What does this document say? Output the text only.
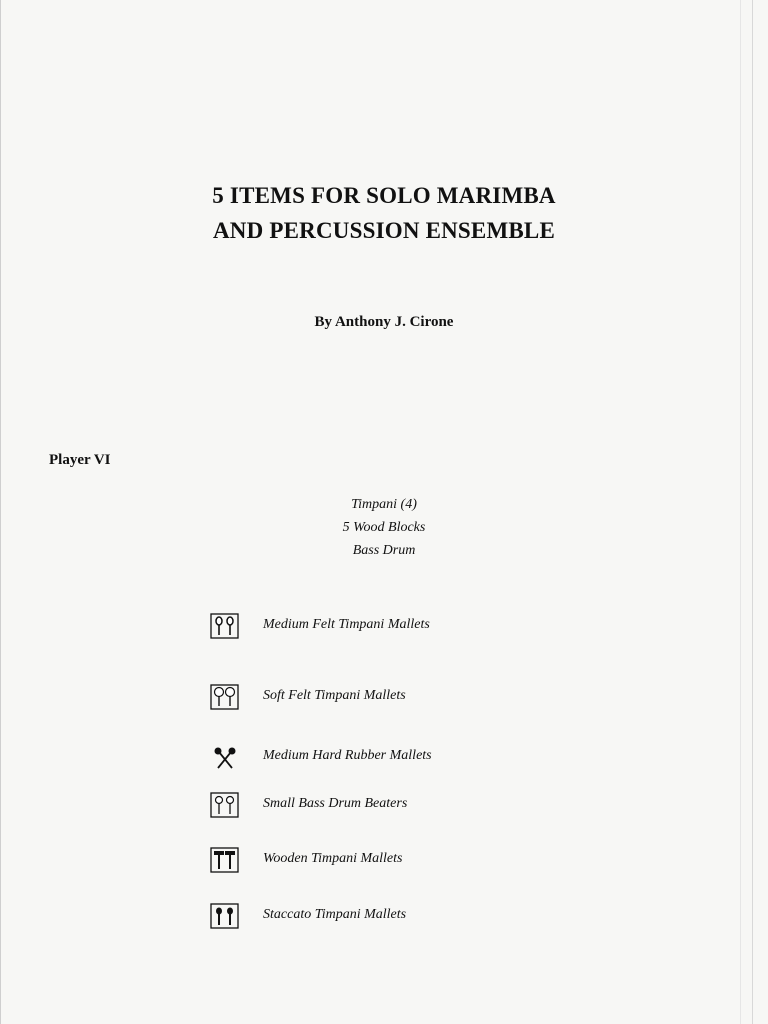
5 ITEMS FOR SOLO MARIMBA
AND PERCUSSION ENSEMBLE
By Anthony J. Cirone
Player VI
Timpani (4)
5 Wood Blocks
Bass Drum
Medium Felt Timpani Mallets
Soft Felt Timpani Mallets
Medium Hard Rubber Mallets
Small Bass Drum Beaters
Wooden Timpani Mallets
Staccato Timpani Mallets
